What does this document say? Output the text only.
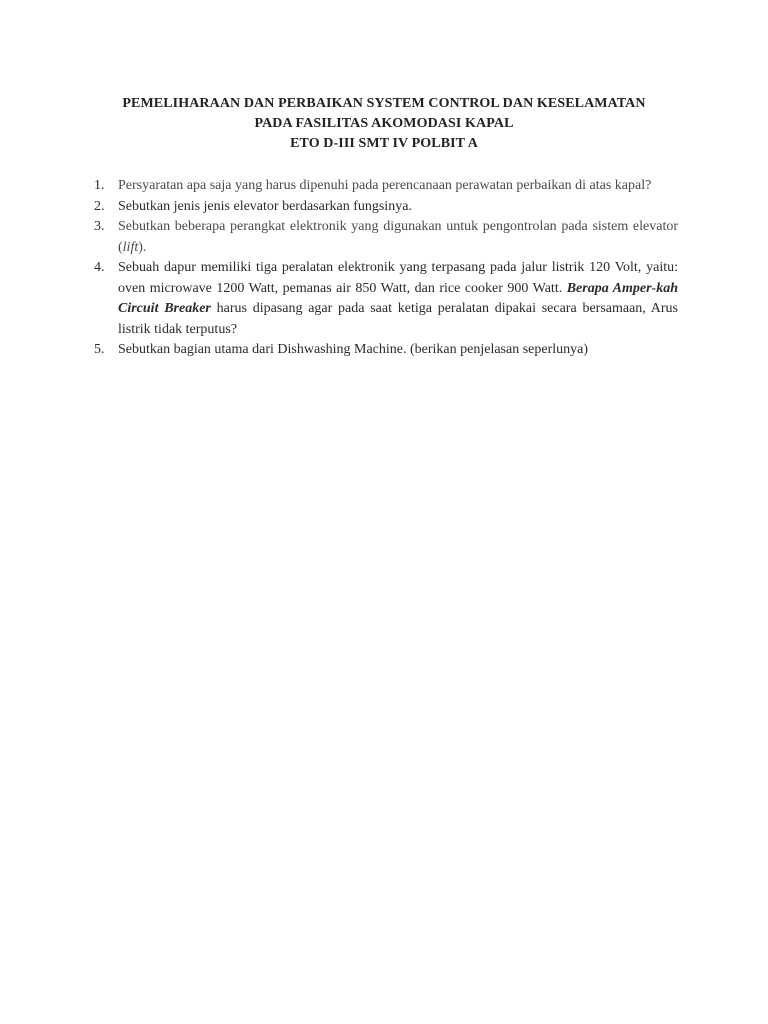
PEMELIHARAAN DAN PERBAIKAN SYSTEM CONTROL DAN KESELAMATAN
PADA FASILITAS AKOMODASI KAPAL
ETO D-III SMT IV POLBIT A
1. Persyaratan apa saja yang harus dipenuhi pada perencanaan perawatan perbaikan di atas kapal?
2. Sebutkan jenis jenis elevator berdasarkan fungsinya.
3. Sebutkan beberapa perangkat elektronik yang digunakan untuk pengontrolan pada sistem elevator (lift).
4. Sebuah dapur memiliki tiga peralatan elektronik yang terpasang pada jalur listrik 120 Volt, yaitu: oven microwave 1200 Watt, pemanas air 850 Watt, dan rice cooker 900 Watt. Berapa Amper-kah Circuit Breaker harus dipasang agar pada saat ketiga peralatan dipakai secara bersamaan, Arus listrik tidak terputus?
5. Sebutkan bagian utama dari Dishwashing Machine. (berikan penjelasan seperlunya)
